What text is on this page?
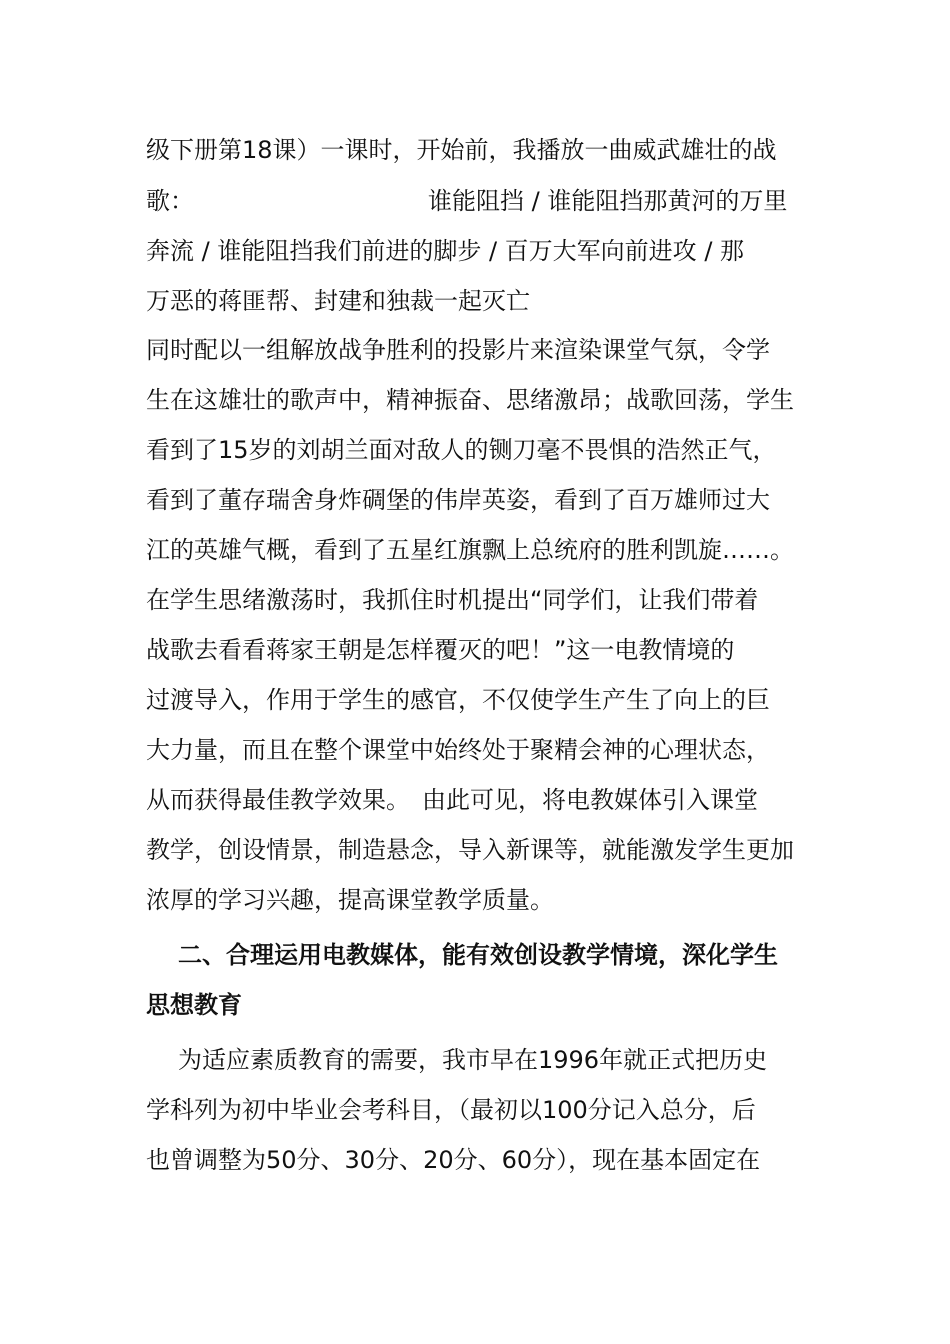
级下册第18课）一课时，开始前，我播放一曲威武雄壮的战

歌：	谁能阻挡 / 谁能阻挡那黄河的万里

奔流 / 谁能阻挡我们前进的脚步 / 百万大军向前进攻 / 那

万恶的蒋匪帮、封建和独裁一起灭亡

同时配以一组解放战争胜利的投影片来渲染课堂气氛，令学

生在这雄壮的歌声中，精神振奋、思绪激昂；战歌回荡，学生

看到了15岁的刘胡兰面对敌人的铡刀毫不畏惧的浩然正气，

看到了董存瑞舍身炸碉堡的伟岸英姿，看到了百万雄师过大

江的英雄气概，看到了五星红旗飘上总统府的胜利凯旋……。

在学生思绪激荡时，我抓住时机提出“同学们，让我们带着

战歌去看看蒋家王朝是怎样覆灭的吧！”这一电教情境的

过渡导入，作用于学生的感官，不仅使学生产生了向上的巨

大力量，而且在整个课堂中始终处于聚精会神的心理状态，

从而获得最佳教学效果。　由此可见，将电教媒体引入课堂

教学，创设情景，制造悬念，导入新课等，就能激发学生更加

浓厚的学习兴趣，提高课堂教学质量。

二、合理运用电教媒体，能有效创设教学情境，深化学生

思想教育

为适应素质教育的需要，我市早在1996年就正式把历史

学科列为初中毕业会考科目，（最初以100分记入总分，后

也曾调整为50分、30分、20分、60分），现在基本固定在
